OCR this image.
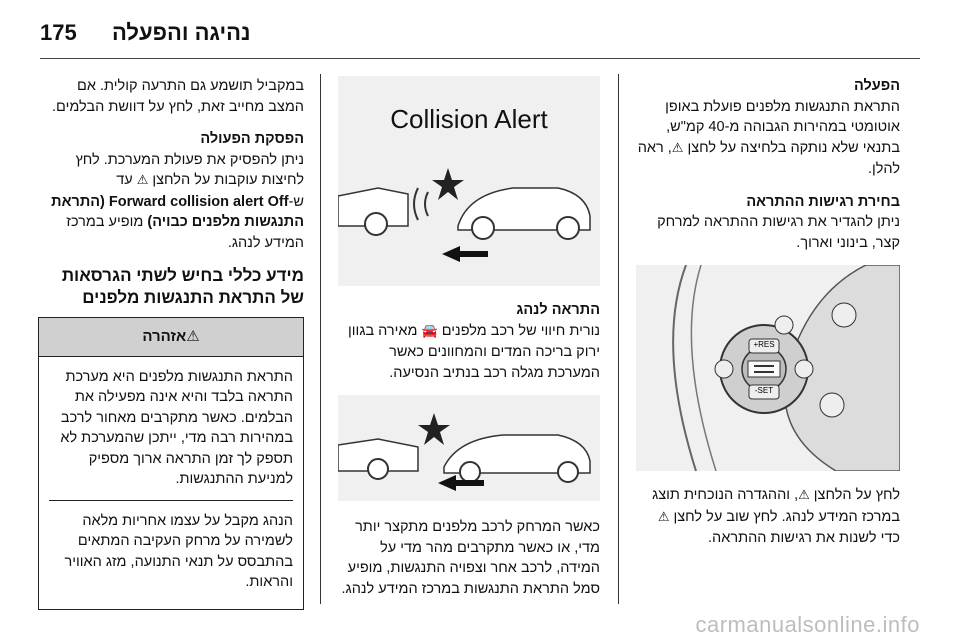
175 נהיגה והפעלה
הפעלה

התראת התנגשות מלפנים פועלת באופן אוטומטי במהירות הגבוהה מ-40 קמ"ש, בתנאי שלא נותקה בלחיצה על לחצן ⚠, ראה להלן.

בחירת רגישות ההתראה

ניתן להגדיר את רגישות ההתראה למרחק קצר, בינוני וארוך.

RES+
SET-

לחץ על הלחצן ⚠, וההגדרה הנוכחית תוצג במרכז המידע לנהג. לחץ שוב על לחצן ⚠ כדי לשנות את רגישות ההתראה.

Collision Alert
התראה לנהג

נורית חיווי של רכב מלפנים 🚘 מאירה בגוון ירוק בריכה המדים והמחוונים כאשר המערכת מגלה רכב בנתיב הנסיעה.

כאשר המרחק לרכב מלפנים מתקצר יותר מדי, או כאשר מתקרבים מהר מדי על המידה, לרכב אחר וצפויה התנגשות, מופיע סמל התראת התנגשות במרכז המידע לנהג.

במקביל תושמע גם התרעה קולית. אם המצב מחייב זאת, לחץ על דוושת הבלמים.

הפסקת הפעולה

ניתן להפסיק את פעולת המערכת. לחץ לחיצות עוקבות על הלחצן ⚠ עד ש-Forward collision alert Off (התראת התנגשות מלפנים כבויה) מופיע במרכז המידע לנהג.

מידע כללי בחיש לשתי הגרסאות של התראת התנגשות מלפנים
⚠אזהרה

התראת התנגשות מלפנים היא מערכת התראה בלבד והיא אינה מפעילה את הבלמים. כאשר מתקרבים מאחור לרכב במהירות רבה מדי, ייתכן שהמערכת לא תספק לך זמן התראה ארוך מספיק למניעת ההתנגשות.

הנהג מקבל על עצמו אחריות מלאה לשמירה על מרחק העקיבה המתאים בהתבסס על תנאי התנועה, מזג האוויר והראות.

carmanualsonline.info
